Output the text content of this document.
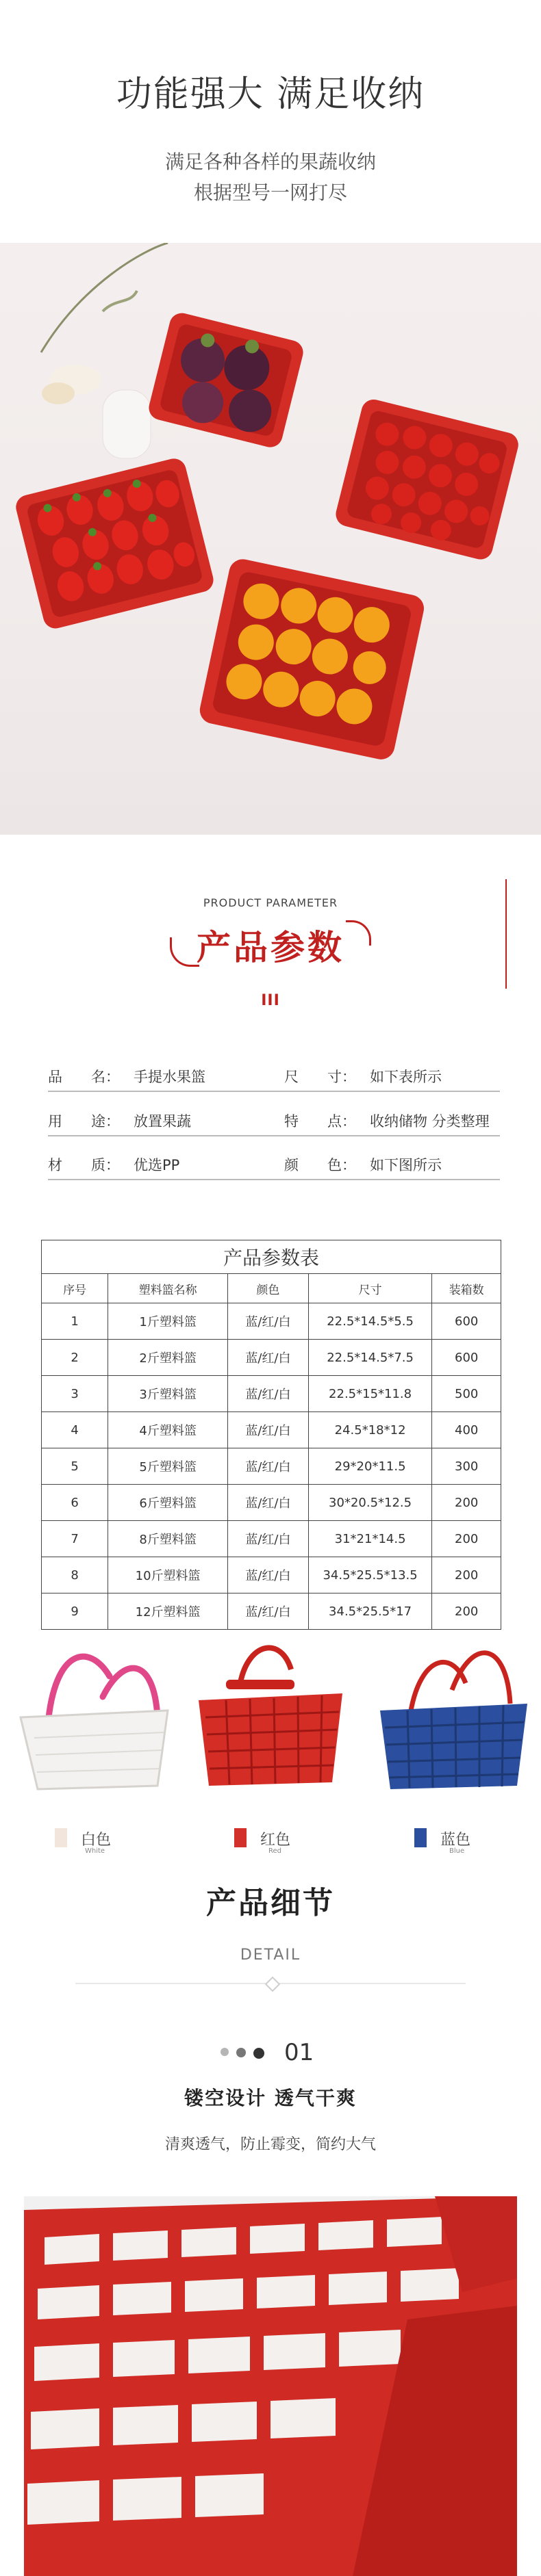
功能强大 满足收纳
满足各种各样的果蔬收纳
根据型号一网打尽
PRODUCT PARAMETER
产品参数
III
品　　名： 手提水果篮	尺　　寸： 如下表所示
用　　途： 放置果蔬	特　　点： 收纳储物 分类整理
材　　质： 优选PP	颜　　色： 如下图所示
产品参数表				
序号	塑料篮名称	颜色	尺寸	装箱数
1	1斤塑料篮	蓝/红/白	22.5*14.5*5.5	600
2	2斤塑料篮	蓝/红/白	22.5*14.5*7.5	600
3	3斤塑料篮	蓝/红/白	22.5*15*11.8	500
4	4斤塑料篮	蓝/红/白	24.5*18*12	400
5	5斤塑料篮	蓝/红/白	29*20*11.5	300
6	6斤塑料篮	蓝/红/白	30*20.5*12.5	200
7	8斤塑料篮	蓝/红/白	31*21*14.5	200
8	10斤塑料篮	蓝/红/白	34.5*25.5*13.5	200
9	12斤塑料篮	蓝/红/白	34.5*25.5*17	200
白色
White
红色
Red
蓝色
Blue
产品细节
DETAIL
01
镂空设计 透气干爽
清爽透气，防止霉变，简约大气
